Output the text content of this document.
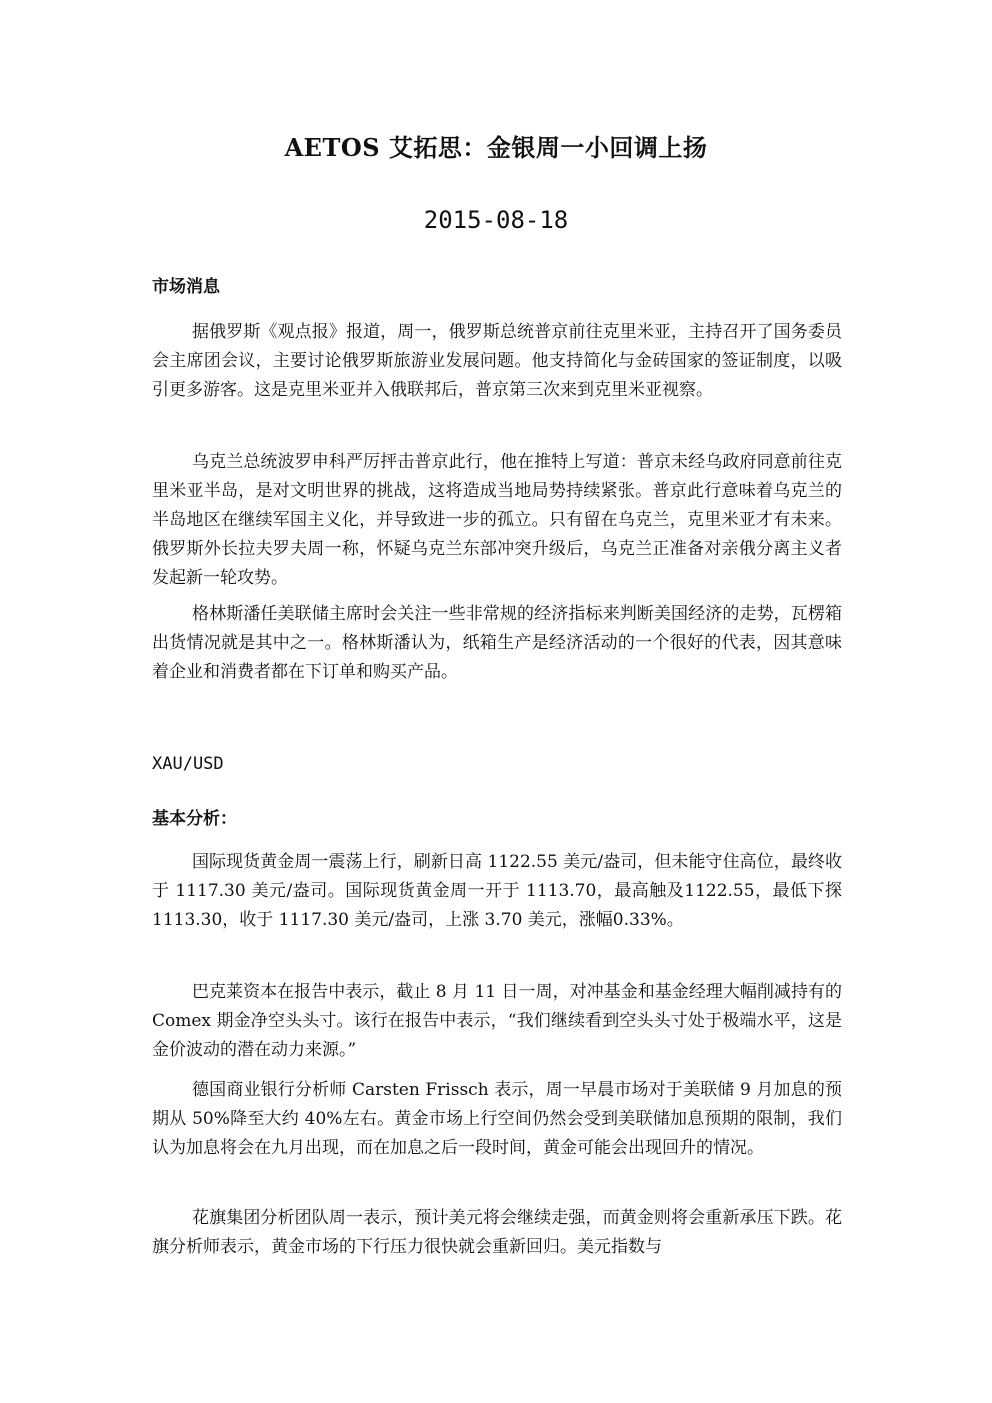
AETOS 艾拓思：金银周一小回调上扬
2015-08-18
市场消息
据俄罗斯《观点报》报道，周一，俄罗斯总统普京前往克里米亚，主持召开了国务委员会主席团会议，主要讨论俄罗斯旅游业发展问题。他支持简化与金砖国家的签证制度，以吸引更多游客。这是克里米亚并入俄联邦后，普京第三次来到克里米亚视察。
乌克兰总统波罗申科严厉抨击普京此行，他在推特上写道：普京未经乌政府同意前往克里米亚半岛，是对文明世界的挑战，这将造成当地局势持续紧张。普京此行意味着乌克兰的半岛地区在继续军国主义化，并导致进一步的孤立。只有留在乌克兰，克里米亚才有未来。俄罗斯外长拉夫罗夫周一称，怀疑乌克兰东部冲突升级后，乌克兰正准备对亲俄分离主义者发起新一轮攻势。
格林斯潘任美联储主席时会关注一些非常规的经济指标来判断美国经济的走势，瓦楞箱出货情况就是其中之一。格林斯潘认为，纸箱生产是经济活动的一个很好的代表，因其意味着企业和消费者都在下订单和购买产品。
XAU/USD
基本分析：
国际现货黄金周一震荡上行，刷新日高 1122.55 美元/盎司，但未能守住高位，最终收于 1117.30 美元/盎司。国际现货黄金周一开于 1113.70，最高触及1122.55，最低下探 1113.30，收于 1117.30 美元/盎司，上涨 3.70 美元，涨幅0.33%。
巴克莱资本在报告中表示，截止 8 月 11 日一周，对冲基金和基金经理大幅削减持有的 Comex 期金净空头头寸。该行在报告中表示，“我们继续看到空头头寸处于极端水平，这是金价波动的潜在动力来源。”
德国商业银行分析师 Carsten Frissch 表示，周一早晨市场对于美联储 9 月加息的预期从 50%降至大约 40%左右。黄金市场上行空间仍然会受到美联储加息预期的限制，我们认为加息将会在九月出现，而在加息之后一段时间，黄金可能会出现回升的情况。
花旗集团分析团队周一表示，预计美元将会继续走强，而黄金则将会重新承压下跌。花旗分析师表示，黄金市场的下行压力很快就会重新回归。美元指数与
